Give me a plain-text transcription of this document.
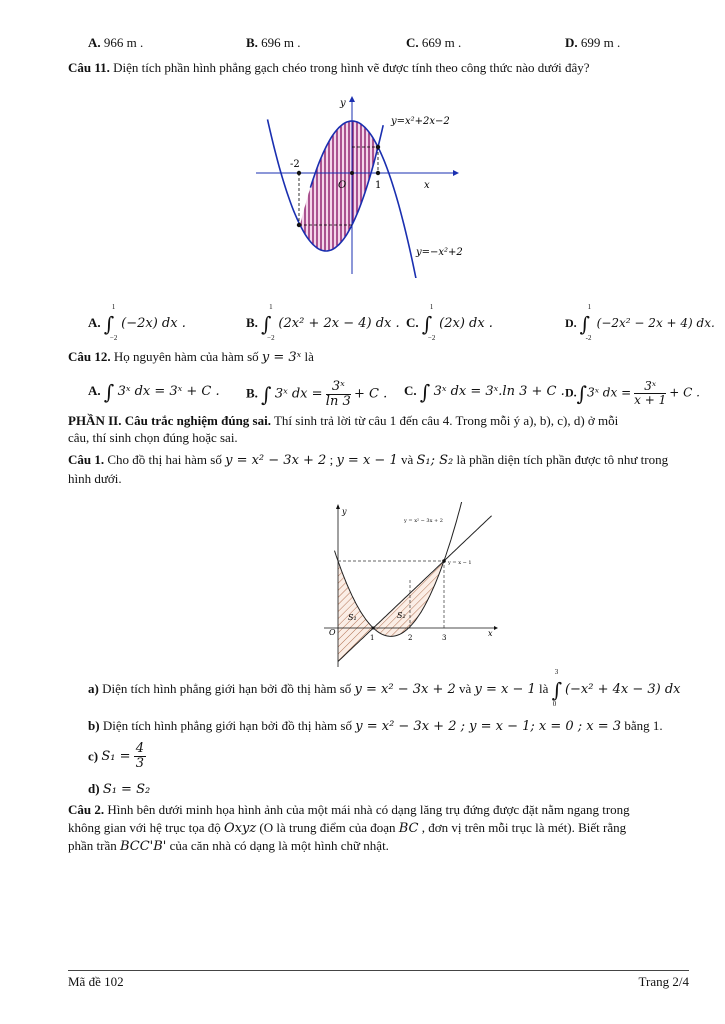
A. 966 m .	B. 696 m .	C. 669 m .	D. 699 m .
Câu 11. Diện tích phần hình phẳng gạch chéo trong hình vẽ được tính theo công thức nào dưới đây?
y
x
O
-2
1
y=x²+2x−2
y=−x²+2
A. ∫
1
−2
(−2x) dx .	B. ∫
1
−2
(2x² + 2x − 4) dx . C. ∫
1
−2
(2x) dx .	D. ∫
1
-2
(−2x² − 2x + 4) dx.
Câu 12. Họ nguyên hàm của hàm số y = 3ˣ là
A. ∫ 3ˣ dx = 3ˣ + C . B. ∫ 3ˣ dx = $\frac{\text{3ˣ}}{\ln 3} + C$ . C. ∫ 3ˣ dx = 3ˣ.ln 3 + C . D.∫3ˣ dx = $\frac{\text{3ˣ}}{x + 1} + C$ .
PHẦN II. Câu trắc nghiệm đúng sai. Thí sinh trả lời từ câu 1 đến câu 4. Trong mỗi ý a), b), c), d) ở mỗi
câu, thí sinh chọn đúng hoặc sai.
Câu 1. Cho đồ thị hai hàm số y = x² − 3x + 2 ; y = x − 1 và S₁; S₂ là phần diện tích phần được tô như trong
hình dưới.
y
x
O
1	2	3
S₁	S₂
y = x² − 3x + 2
y = x − 1
a) Diện tích hình phẳng giới hạn bởi đồ thị hàm số y = x² − 3x + 2 và y = x − 1 là ∫
3
0
(−x² + 4x − 3) dx
b) Diện tích hình phẳng giới hạn bởi đồ thị hàm số y = x² − 3x + 2 ; y = x − 1; x = 0 ; x = 3 bằng 1.
c) $S_1 = \frac{4}{3}$
d) S₁ = S₂
Câu 2. Hình bên dưới minh họa hình ảnh của một mái nhà có dạng lăng trụ đứng được đặt nằm ngang trong
không gian với hệ trục tọa độ Oxyz (O là trung điểm của đoạn BC , đơn vị trên mỗi trục là mét). Biết rằng
phần trần BCC'B' của căn nhà có dạng là một hình chữ nhật.
Mã đề 102	Trang 2/4
